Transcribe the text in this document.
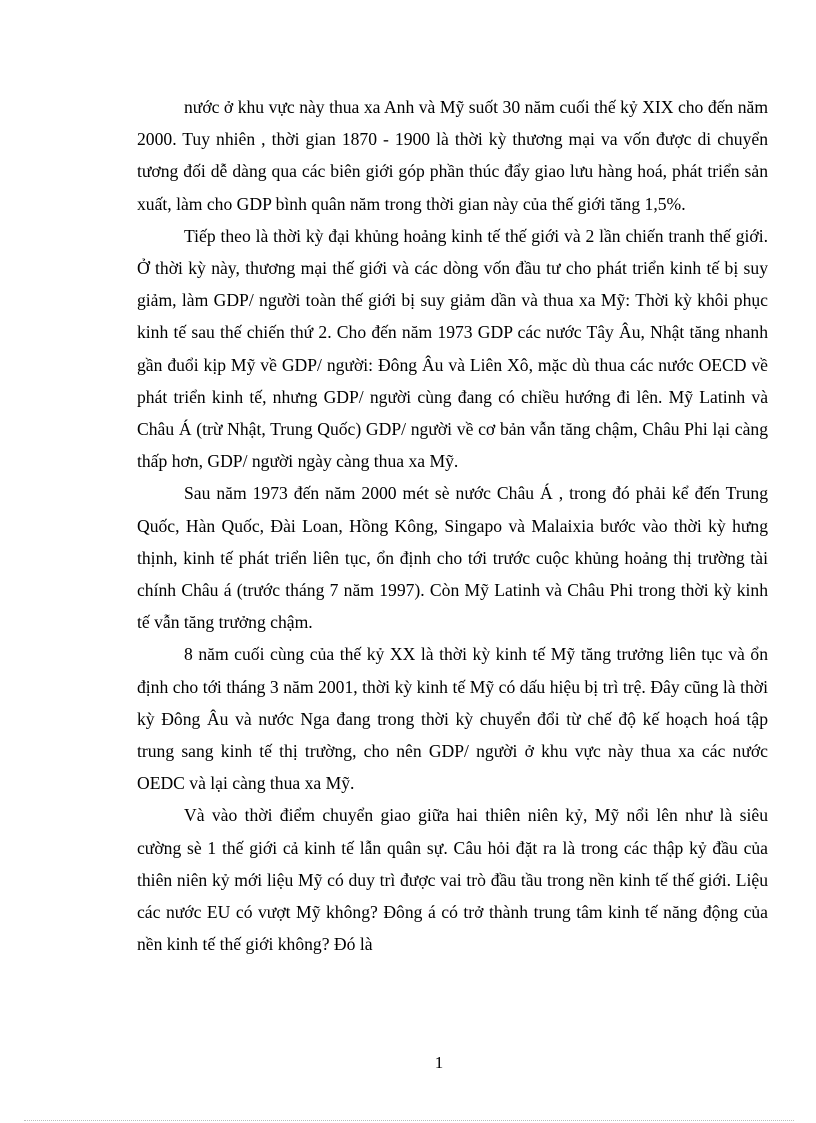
nước ở khu vực này thua xa Anh và Mỹ suốt 30 năm cuối thế kỷ XIX cho đến năm 2000. Tuy nhiên , thời gian 1870 - 1900 là thời kỳ thương mại va vốn được di chuyển tương đối dễ dàng qua các biên giới góp phần thúc đẩy giao lưu hàng hoá, phát triển sản xuất, làm cho GDP bình quân năm trong thời gian này của thế giới tăng 1,5%.

Tiếp theo là thời kỳ đại khủng hoảng kinh tế thế giới và 2 lần chiến tranh thế giới. Ở thời kỳ này, thương mại thế giới và các dòng vốn đầu tư cho phát triển kinh tế bị suy giảm, làm GDP/ người toàn thế giới bị suy giảm dần và thua xa Mỹ: Thời kỳ khôi phục kinh tế sau thế chiến thứ 2. Cho đến năm 1973 GDP các nước Tây Âu, Nhật tăng nhanh gần đuổi kịp Mỹ về GDP/ người: Đông Âu và Liên Xô, mặc dù thua các nước OECD về phát triển kinh tế, nhưng GDP/ người cùng đang có chiều hướng đi lên. Mỹ Latinh và Châu Á (trừ Nhật, Trung Quốc) GDP/ người về cơ bản vẫn tăng chậm, Châu Phi lại càng thấp hơn, GDP/ người ngày càng thua xa Mỹ.

Sau năm 1973 đến năm 2000 mét sè nước Châu Á , trong đó phải kể đến Trung Quốc, Hàn Quốc, Đài Loan, Hồng Kông, Singapo và Malaixia bước vào thời kỳ hưng thịnh, kinh tế phát triển liên tục, ổn định cho tới trước cuộc khủng hoảng thị trường tài chính Châu á (trước tháng 7 năm 1997). Còn Mỹ Latinh và Châu Phi trong thời kỳ kinh tế vẫn tăng trưởng chậm.

8 năm cuối cùng của thế kỷ XX là thời kỳ kinh tế Mỹ tăng trưởng liên tục và ổn định cho tới tháng 3 năm 2001, thời kỳ kinh tế Mỹ có dấu hiệu bị trì trệ. Đây cũng là thời kỳ Đông Âu và nước Nga đang trong thời kỳ chuyển đổi từ chế độ kế hoạch hoá tập trung sang kinh tế thị trường, cho nên GDP/ người ở khu vực này thua xa các nước OEDC và lại càng thua xa Mỹ.

Và vào thời điểm chuyển giao giữa hai thiên niên kỷ, Mỹ nổi lên như là siêu cường sè 1 thế giới cả kinh tế lẫn quân sự. Câu hỏi đặt ra là trong các thập kỷ đầu của thiên niên kỷ mới liệu Mỹ có duy trì được vai trò đầu tầu trong nền kinh tế thế giới. Liệu các nước EU có vượt Mỹ không? Đông á có trở thành trung tâm kinh tế năng động của nền kinh tế thế giới không? Đó là

1
